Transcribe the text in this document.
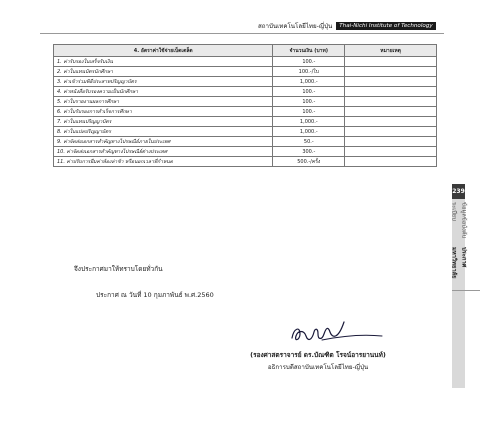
สถาบันเทคโนโลยีไทย-ญี่ปุ่น	Thai-Nichi Institute of Technology
4. อัตราค่าใช้จ่ายเบ็ดเตล็ด	จำนวนเงิน (บาท)	หมายเหตุ
1. ค่ารับรองใบเสร็จรับเงิน	100.-	
2. ค่าใบแทนบัตรนักศึกษา	100.-/ใบ	
3. ค่าเข้าร่วมพิธีประสาทปริญญาบัตร	1,000.-	
4. ค่าหนังสือรับรองความเป็นนักศึกษา	100.-	
5. ค่าใบรายงานผลการศึกษา	100.-	
6. ค่าใบรับรองการสำเร็จการศึกษา	100.-	
7. ค่าใบแทนปริญญาบัตร	1,000.-	
8. ค่าใบแปลปริญญาบัตร	1,000.-	
9. ค่าจัดส่งเอกสารสำคัญทางไปรษณีย์ภายในประเทศ	50.-	
10. ค่าจัดส่งเอกสารสำคัญทางไปรษณีย์ต่างประเทศ	300.-	
11. ค่าปรับการยืมค่าห้องล่าช้า หรือนอกเวลาที่กำหนด	500.-/ครั้ง	
239
ข้อมูลข้อบังคับ ระเบียบ
ประกาศมหาวิทยาลัย
จึงประกาศมาให้ทราบโดยทั่วกัน
ประกาศ ณ วันที่ 10 กุมภาพันธ์ พ.ศ.2560
(รองศาสตราจารย์ ดร.บัณฑิต โรจน์อารยานนท์)
อธิการบดีสถาบันเทคโนโลยีไทย-ญี่ปุ่น
